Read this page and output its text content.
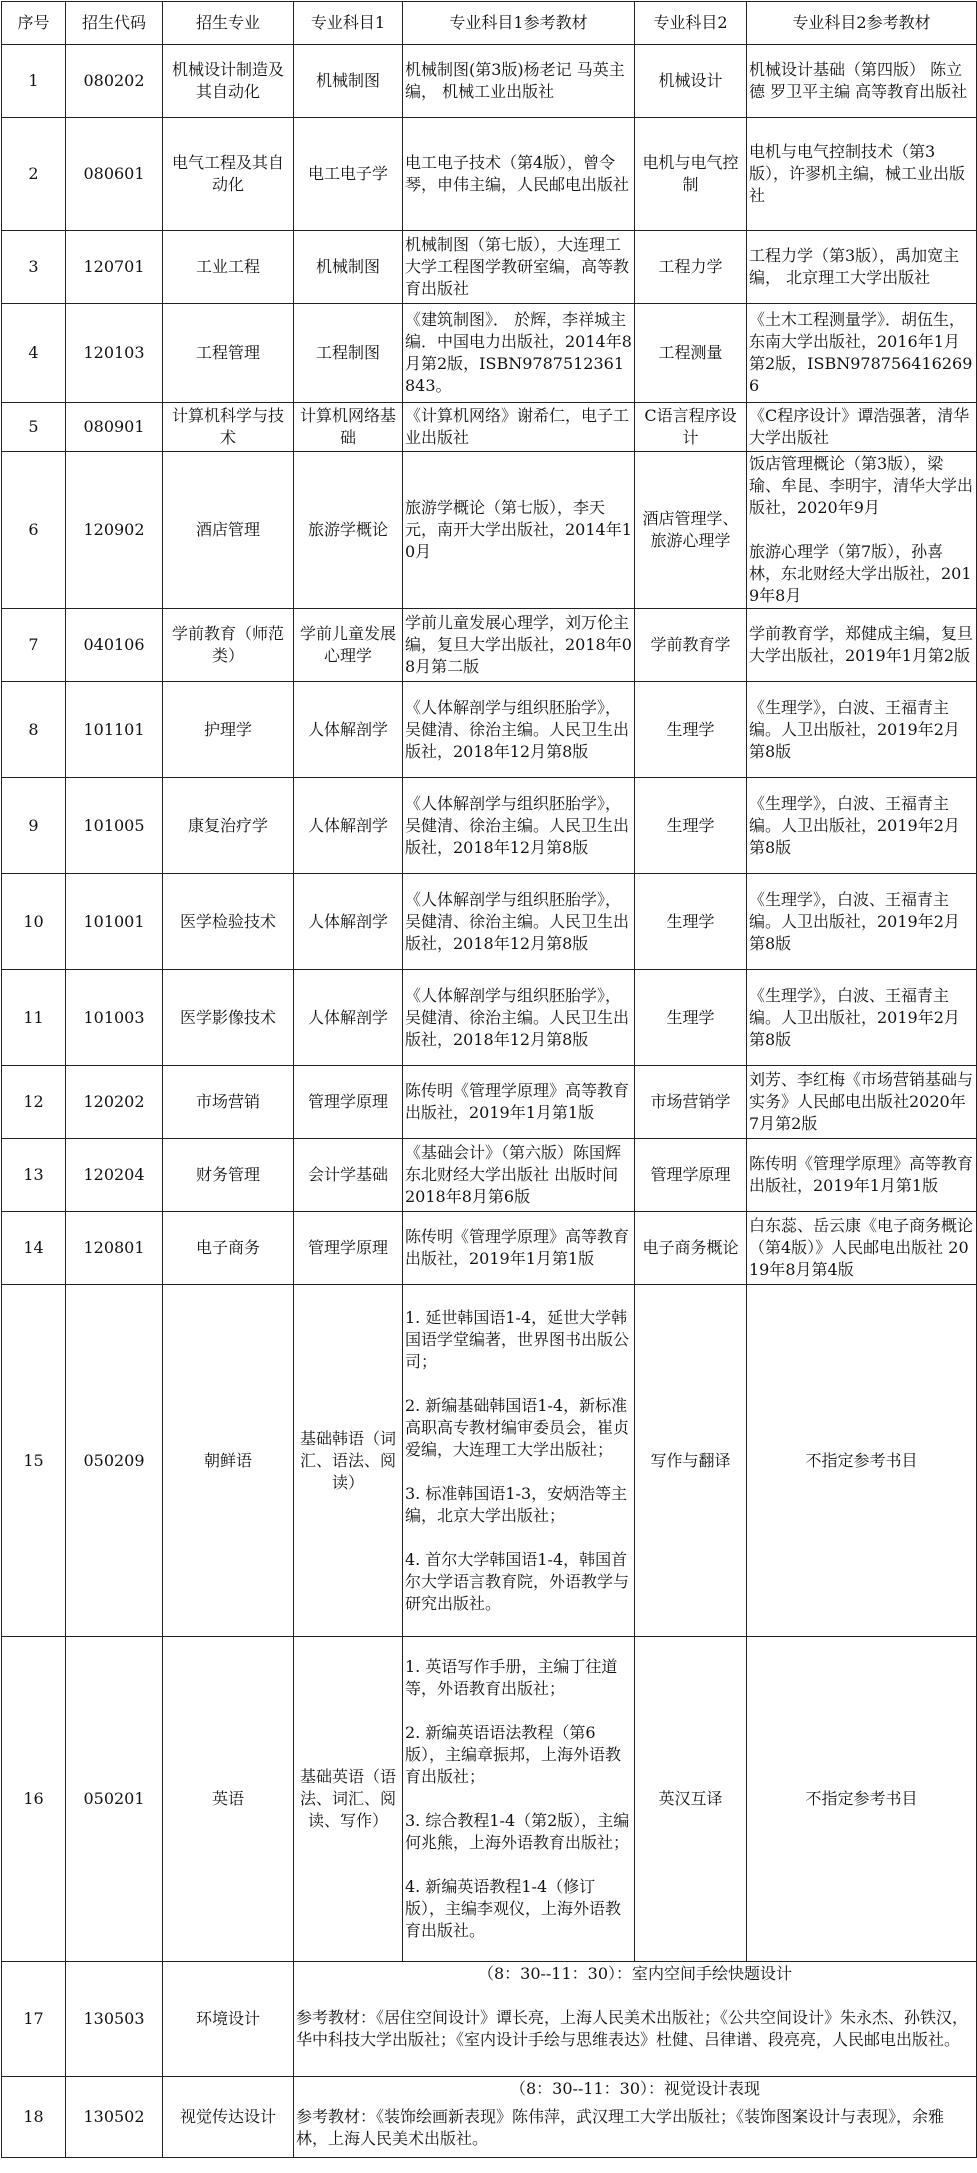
序号	招生代码	招生专业	专业科目1	专业科目1参考教材	专业科目2	专业科目2参考教材
1	080202	机械设计制造及其自动化	机械制图	机械制图(第3版)杨老记 马英主编， 机械工业出版社	机械设计	机械设计基础（第四版） 陈立德 罗卫平主编 高等教育出版社

2	080601	电气工程及其自动化	电工电子学	电工电子技术（第4版），曾令琴，申伟主编，人民邮电出版社	电机与电气控制	电机与电气控制技术（第3版），许翏机主编，械工业出版社

3	120701	工业工程	机械制图	机械制图（第七版），大连理工大学工程图学教研室编，高等教育出版社	工程力学	工程力学（第3版），禹加宽主编， 北京理工大学出版社

4	120103	工程管理	工程制图	《建筑制图》． 於辉，李祥城主编．中国电力出版社，2014年8月第2版，ISBN9787512361843。	工程测量	《土木工程测量学》．胡伍生，东南大学出版社，2016年1月第2版，ISBN9787564162696

5	080901	计算机科学与技术	计算机网络基础	《计算机网络》谢希仁，电子工业出版社	C语言程序设计	《C程序设计》谭浩强著，清华大学出版社

6	120902	酒店管理	旅游学概论	旅游学概论（第七版），李天元，南开大学出版社，2014年10月	酒店管理学、旅游心理学	饭店管理概论（第3版），梁瑜、牟昆、李明宇，清华大学出版社，2020年9月
旅游心理学（第7版），孙喜林，东北财经大学出版社，2019年8月

7	040106	学前教育（师范类）	学前儿童发展心理学	学前儿童发展心理学，刘万伦主编，复旦大学出版社，2018年08月第二版	学前教育学	学前教育学，郑健成主编，复旦大学出版社，2019年1月第2版

8	101101	护理学	人体解剖学	《人体解剖学与组织胚胎学》，吴健清、徐治主编。人民卫生出版社，2018年12月第8版	生理学	《生理学》，白波、王福青主编。人卫出版社，2019年2月第8版

9	101005	康复治疗学	人体解剖学	《人体解剖学与组织胚胎学》，吴健清、徐治主编。人民卫生出版社，2018年12月第8版	生理学	《生理学》，白波、王福青主编。人卫出版社，2019年2月第8版

10	101001	医学检验技术	人体解剖学	《人体解剖学与组织胚胎学》，吴健清、徐治主编。人民卫生出版社，2018年12月第8版	生理学	《生理学》，白波、王福青主编。人卫出版社，2019年2月第8版

11	101003	医学影像技术	人体解剖学	《人体解剖学与组织胚胎学》，吴健清、徐治主编。人民卫生出版社，2018年12月第8版	生理学	《生理学》，白波、王福青主编。人卫出版社，2019年2月第8版

12	120202	市场营销	管理学原理	陈传明《管理学原理》高等教育出版社，2019年1月第1版	市场营销学	刘芳、李红梅《市场营销基础与实务》人民邮电出版社2020年7月第2版

13	120204	财务管理	会计学基础	《基础会计》（第六版）陈国辉 东北财经大学出版社 出版时间 2018年8月第6版	管理学原理	陈传明《管理学原理》高等教育出版社，2019年1月第1版

14	120801	电子商务	管理学原理	陈传明《管理学原理》高等教育出版社，2019年1月第1版	电子商务概论	白东蕊、岳云康《电子商务概论（第4版）》人民邮电出版社 2019年8月第4版

15	050209	朝鲜语	基础韩语（词汇、语法、阅读）	1. 延世韩国语1-4，延世大学韩国语学堂编著，世界图书出版公司；
2. 新编基础韩国语1-4，新标准高职高专教材编审委员会，崔贞爱编，大连理工大学出版社；
3. 标准韩国语1-3，安炳浩等主编，北京大学出版社；
4. 首尔大学韩国语1-4，韩国首尔大学语言教育院，外语教学与研究出版社。	写作与翻译	不指定参考书目
16	050201	英语	基础英语（语法、词汇、阅读、写作）	1. 英语写作手册，主编丁往道等，外语教育出版社；
2. 新编英语语法教程（第6版），主编章振邦，上海外语教育出版社；
3. 综合教程1-4（第2版），主编何兆熊，上海外语教育出版社；
4. 新编英语教程1-4（修订版），主编李观仪，上海外语教育出版社。	英汉互译	不指定参考书目
17	130503	环境设计	（8：30--11：30）：室内空间手绘快题设计
参考教材：《居住空间设计》谭长亮，上海人民美术出版社；《公共空间设计》朱永杰、孙铁汉，华中科技大学出版社；《室内设计手绘与思维表达》杜健、吕律谱、段亮亮，人民邮电出版社。			

18	130502	视觉传达设计	（8：30--11：30）：视觉设计表现
参考教材：《装饰绘画新表现》陈伟萍，武汉理工大学出版社；《装饰图案设计与表现》，余雅林，上海人民美术出版社。			
